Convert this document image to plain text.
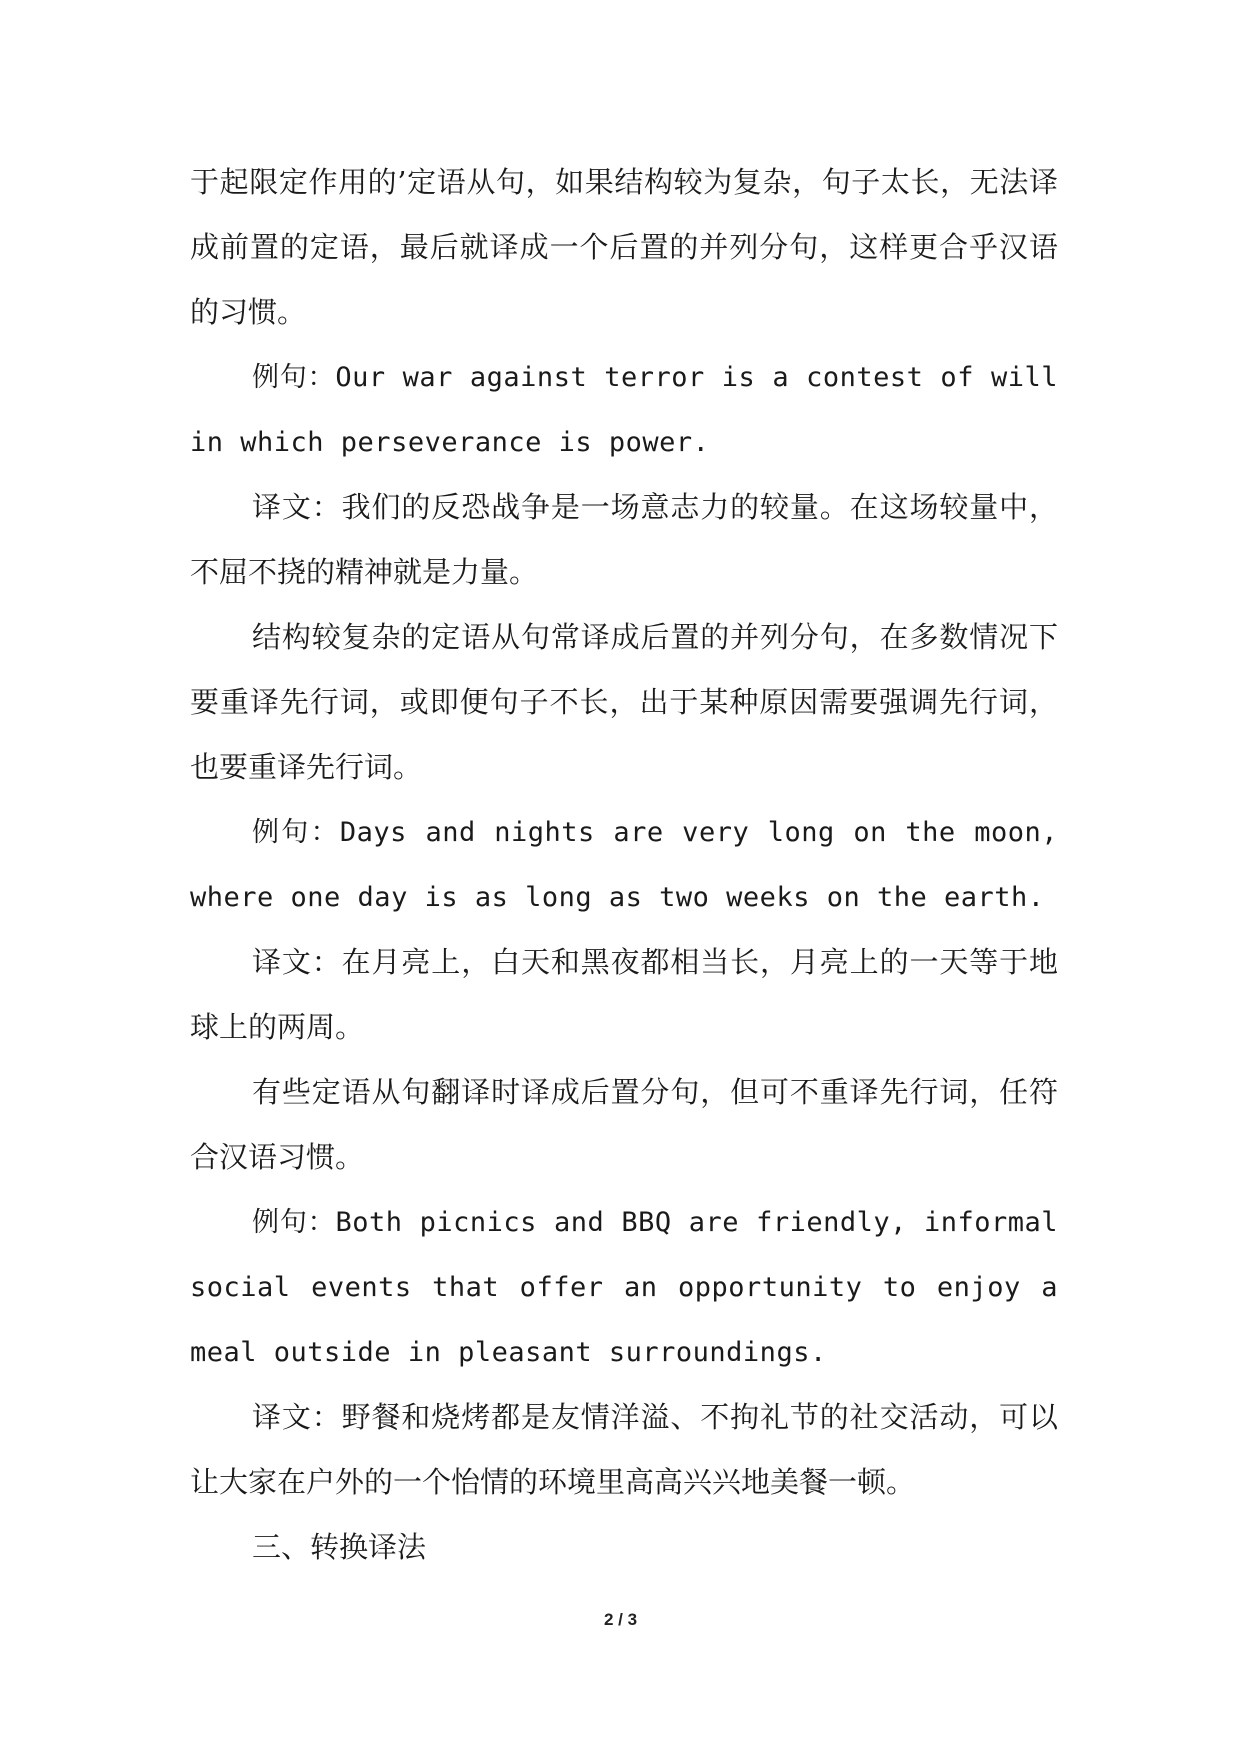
于起限定作用的’定语从句，如果结构较为复杂，句子太长，无法译成前置的定语，最后就译成一个后置的并列分句，这样更合乎汉语的习惯。

例句：Our war against terror is a contest of will in which perseverance is power.

译文：我们的反恐战争是一场意志力的较量。在这场较量中，不屈不挠的精神就是力量。

结构较复杂的定语从句常译成后置的并列分句，在多数情况下要重译先行词，或即便句子不长，出于某种原因需要强调先行词，也要重译先行词。

例句：Days and nights are very long on the moon, where one day is as long as two weeks on the earth.

译文：在月亮上，白天和黑夜都相当长，月亮上的一天等于地球上的两周。

有些定语从句翻译时译成后置分句，但可不重译先行词，任符合汉语习惯。

例句：Both picnics and BBQ are friendly, informal social events that offer an opportunity to enjoy a meal outside in pleasant surroundings.

译文：野餐和烧烤都是友情洋溢、不拘礼节的社交活动，可以让大家在户外的一个怡情的环境里高高兴兴地美餐一顿。

三、转换译法

2 / 3
